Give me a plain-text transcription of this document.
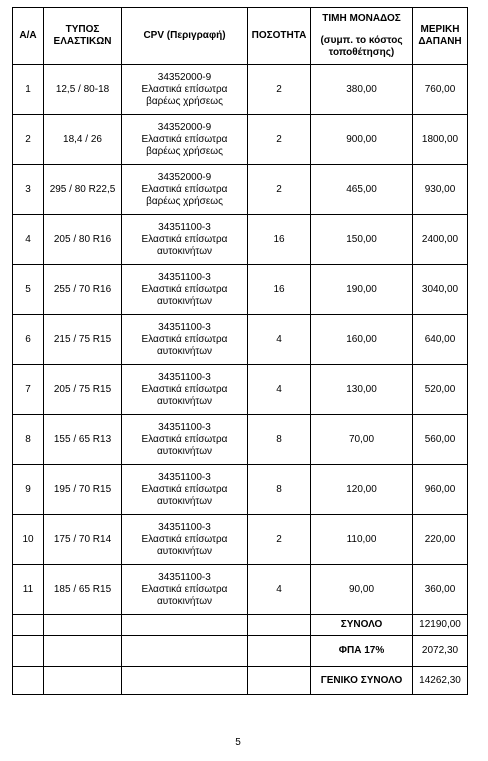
Α/Α	ΤΥΠΟΣ ΕΛΑΣΤΙΚΩΝ	CPV (Περιγραφή)	ΠΟΣΟΤΗΤΑ	ΤΙΜΗ ΜΟΝΑΔΟΣ
(συμπ. το κόστος τοποθέτησης)	ΜΕΡΙΚΗ ΔΑΠΑΝΗ
1	12,5 / 80-18	34352000-9
Ελαστικά επίσωτρα
βαρέως χρήσεως	2	380,00	760,00
2	18,4 / 26	34352000-9
Ελαστικά επίσωτρα
βαρέως χρήσεως	2	900,00	1800,00
3	295 / 80 R22,5	34352000-9
Ελαστικά επίσωτρα
βαρέως χρήσεως	2	465,00	930,00
4	205 / 80 R16	34351100-3
Ελαστικά επίσωτρα
αυτοκινήτων	16	150,00	2400,00
5	255 / 70 R16	34351100-3
Ελαστικά επίσωτρα
αυτοκινήτων	16	190,00	3040,00
6	215 / 75 R15	34351100-3
Ελαστικά επίσωτρα
αυτοκινήτων	4	160,00	640,00
7	205 / 75 R15	34351100-3
Ελαστικά επίσωτρα
αυτοκινήτων	4	130,00	520,00
8	155 / 65 R13	34351100-3
Ελαστικά επίσωτρα
αυτοκινήτων	8	70,00	560,00
9	195 / 70 R15	34351100-3
Ελαστικά επίσωτρα
αυτοκινήτων	8	120,00	960,00
10	175 / 70 R14	34351100-3
Ελαστικά επίσωτρα
αυτοκινήτων	2	110,00	220,00
11	185 / 65 R15	34351100-3
Ελαστικά επίσωτρα
αυτοκινήτων	4	90,00	360,00
				ΣΥΝΟΛΟ	12190,00
				ΦΠΑ 17%	2072,30
				ΓΕΝΙΚΟ ΣΥΝΟΛΟ	14262,30
5
